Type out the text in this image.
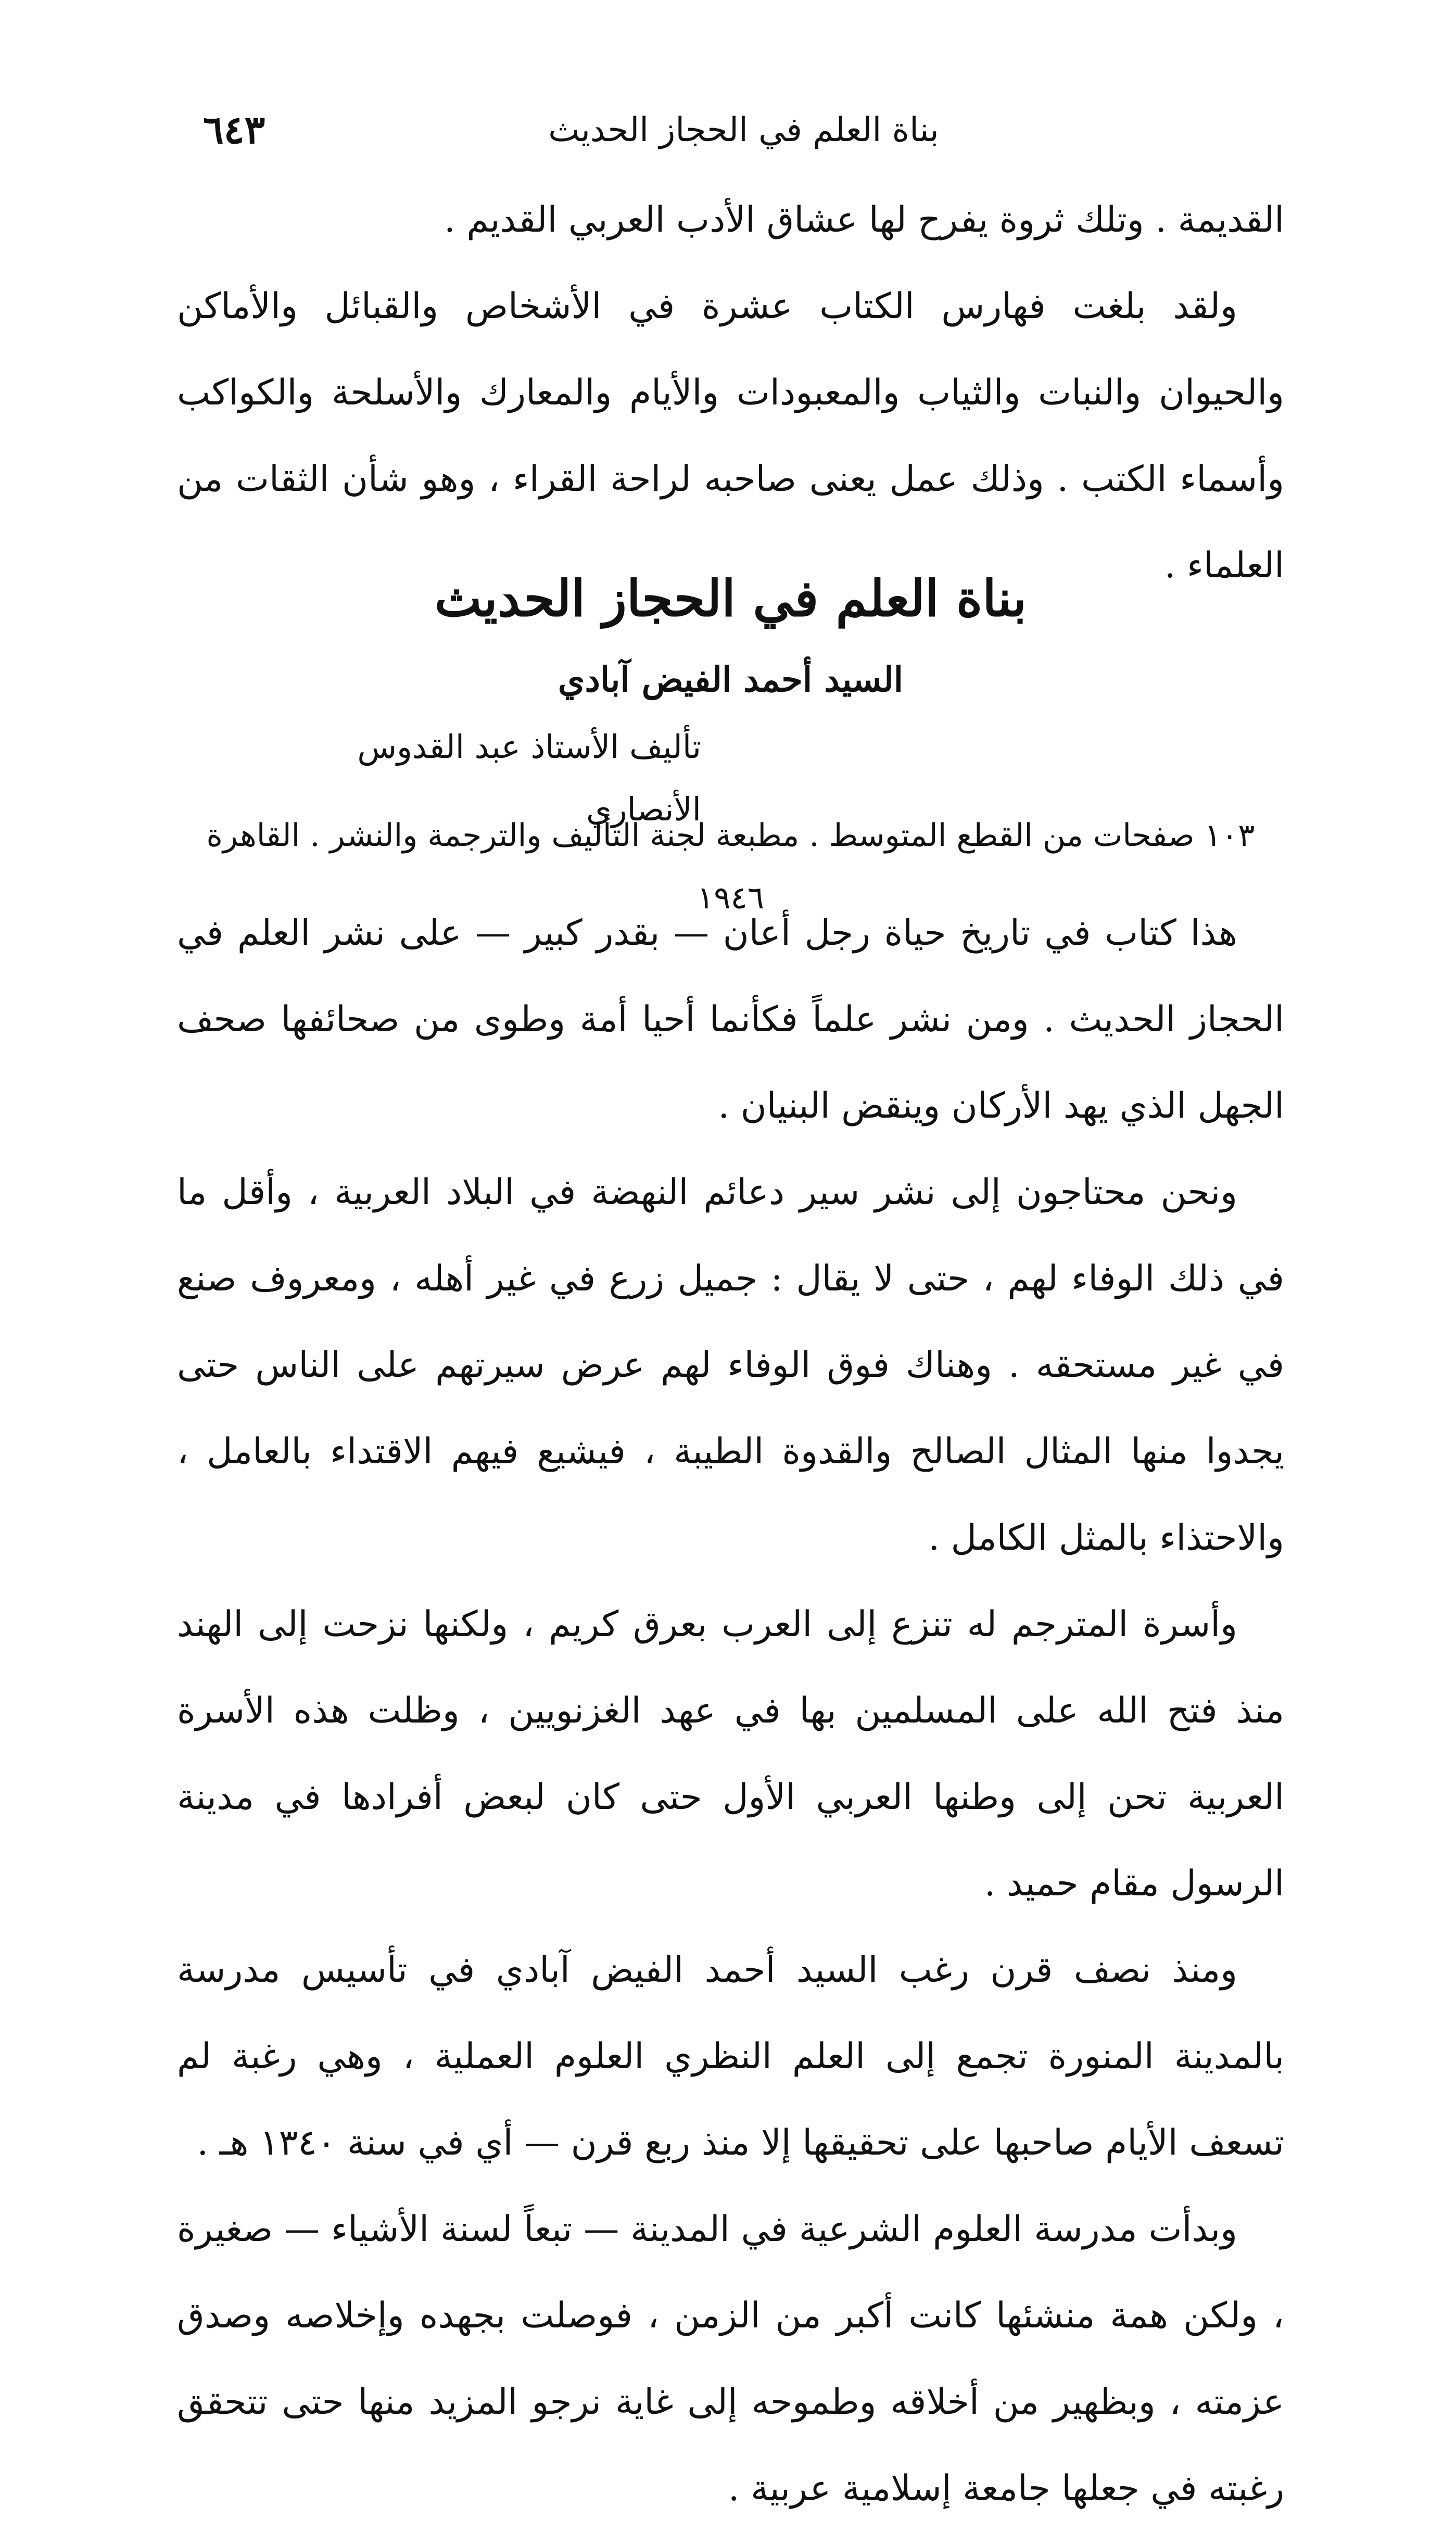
بناة العلم في الحجاز الحديث
٦٤٣

القديمة . وتلك ثروة يفرح لها عشاق الأدب العربي القديم .

ولقد بلغت فهارس الكتاب عشرة في الأشخاص والقبائل والأماكن والحيوان والنبات والثياب والمعبودات والأيام والمعارك والأسلحة والكواكب وأسماء الكتب . وذلك عمل يعنى صاحبه لراحة القراء ، وهو شأن الثقات من العلماء .

بناة العلم في الحجاز الحديث
السيد أحمد الفيض آبادي
تأليف الأستاذ عبد القدوس الأنصاري
١٠٣ صفحات من القطع المتوسط . مطبعة لجنة التأليف والترجمة والنشر . القاهرة ١٩٤٦

هذا كتاب في تاريخ حياة رجل أعان — بقدر كبير — على نشر العلم في الحجاز الحديث . ومن نشر علماً فكأنما أحيا أمة وطوى من صحائفها صحف الجهل الذي يهد الأركان وينقض البنيان .

ونحن محتاجون إلى نشر سير دعائم النهضة في البلاد العربية ، وأقل ما في ذلك الوفاء لهم ، حتى لا يقال : جميل زرع في غير أهله ، ومعروف صنع في غير مستحقه . وهناك فوق الوفاء لهم عرض سيرتهم على الناس حتى يجدوا منها المثال الصالح والقدوة الطيبة ، فيشيع فيهم الاقتداء بالعامل ، والاحتذاء بالمثل الكامل .

وأسرة المترجم له تنزع إلى العرب بعرق كريم ، ولكنها نزحت إلى الهند منذ فتح الله على المسلمين بها في عهد الغزنويين ، وظلت هذه الأسرة العربية تحن إلى وطنها العربي الأول حتى كان لبعض أفرادها في مدينة الرسول مقام حميد .

ومنذ نصف قرن رغب السيد أحمد الفيض آبادي في تأسيس مدرسة بالمدينة المنورة تجمع إلى العلم النظري العلوم العملية ، وهي رغبة لم تسعف الأيام صاحبها على تحقيقها إلا منذ ربع قرن — أي في سنة ١٣٤٠ هـ .

وبدأت مدرسة العلوم الشرعية في المدينة — تبعاً لسنة الأشياء — صغيرة ، ولكن همة منشئها كانت أكبر من الزمن ، فوصلت بجهده وإخلاصه وصدق عزمته ، وبظهير من أخلاقه وطموحه إلى غاية نرجو المزيد منها حتى تتحقق رغبته في جعلها جامعة إسلامية عربية .
